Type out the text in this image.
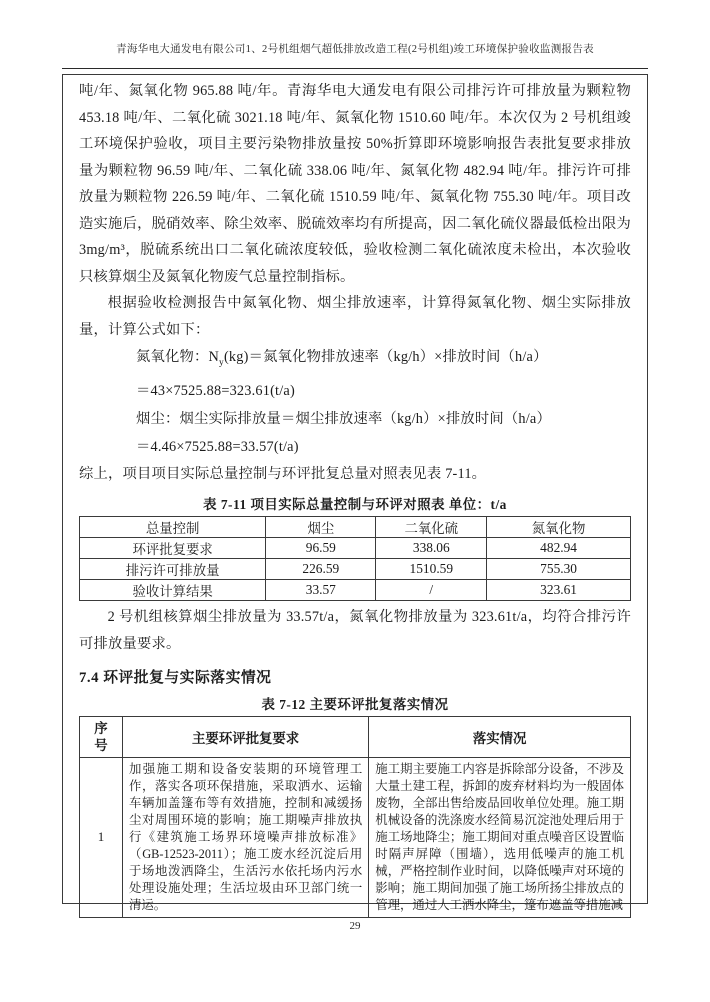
青海华电大通发电有限公司1、2号机组烟气超低排放改造工程(2号机组)竣工环境保护验收监测报告表

吨/年、氮氧化物 965.88 吨/年。青海华电大通发电有限公司排污许可排放量为颗粒物 453.18 吨/年、二氧化硫 3021.18 吨/年、氮氧化物 1510.60 吨/年。本次仅为 2 号机组竣工环境保护验收，项目主要污染物排放量按 50%折算即环境影响报告表批复要求排放量为颗粒物 96.59 吨/年、二氧化硫 338.06 吨/年、氮氧化物 482.94 吨/年。排污许可排放量为颗粒物 226.59 吨/年、二氧化硫 1510.59 吨/年、氮氧化物 755.30 吨/年。项目改造实施后，脱硝效率、除尘效率、脱硫效率均有所提高，因二氧化硫仪器最低检出限为 3mg/m³，脱硫系统出口二氧化硫浓度较低，验收检测二氧化硫浓度未检出，本次验收只核算烟尘及氮氧化物废气总量控制指标。

根据验收检测报告中氮氧化物、烟尘排放速率，计算得氮氧化物、烟尘实际排放量，计算公式如下：

氮氧化物：$N_y(kg)=$氮氧化物排放速率（kg/h）×排放时间（h/a）

＝43×7525.88=323.61(t/a)

烟尘：烟尘实际排放量＝烟尘排放速率（kg/h）×排放时间（h/a）

＝4.46×7525.88=33.57(t/a)

综上，项目项目实际总量控制与环评批复总量对照表见表 7-11。

表 7-11 项目实际总量控制与环评对照表 单位：t/a
总量控制	烟尘	二氧化硫	氮氧化物
环评批复要求	96.59	338.06	482.94
排污许可排放量	226.59	1510.59	755.30
验收计算结果	33.57	/	323.61

2 号机组核算烟尘排放量为 33.57t/a，氮氧化物排放量为 323.61t/a，均符合排污许可排放量要求。

7.4 环评批复与实际落实情况
表 7-12 主要环评批复落实情况
序号	主要环评批复要求	落实情况
1	加强施工期和设备安装期的环境管理工作，落实各项环保措施，采取洒水、运输车辆加盖篷布等有效措施，控制和减缓扬尘对周围环境的影响；施工期噪声排放执行《建筑施工场界环境噪声排放标准》（GB-12523-2011）；施工废水经沉淀后用于场地泼洒降尘，生活污水依托场内污水处理设施处理；生活垃圾由环卫部门统一清运。	施工期主要施工内容是拆除部分设备，不涉及大量土建工程，拆卸的废弃材料均为一般固体废物，全部出售给废品回收单位处理。施工期机械设备的洗涤废水经简易沉淀池处理后用于施工场地降尘；施工期间对重点噪音区设置临时隔声屏障（围墙），选用低噪声的施工机械，严格控制作业时间，以降低噪声对环境的影响；施工期间加强了施工场所扬尘排放点的管理，通过人工洒水降尘，篷布遮盖等措施减
29
